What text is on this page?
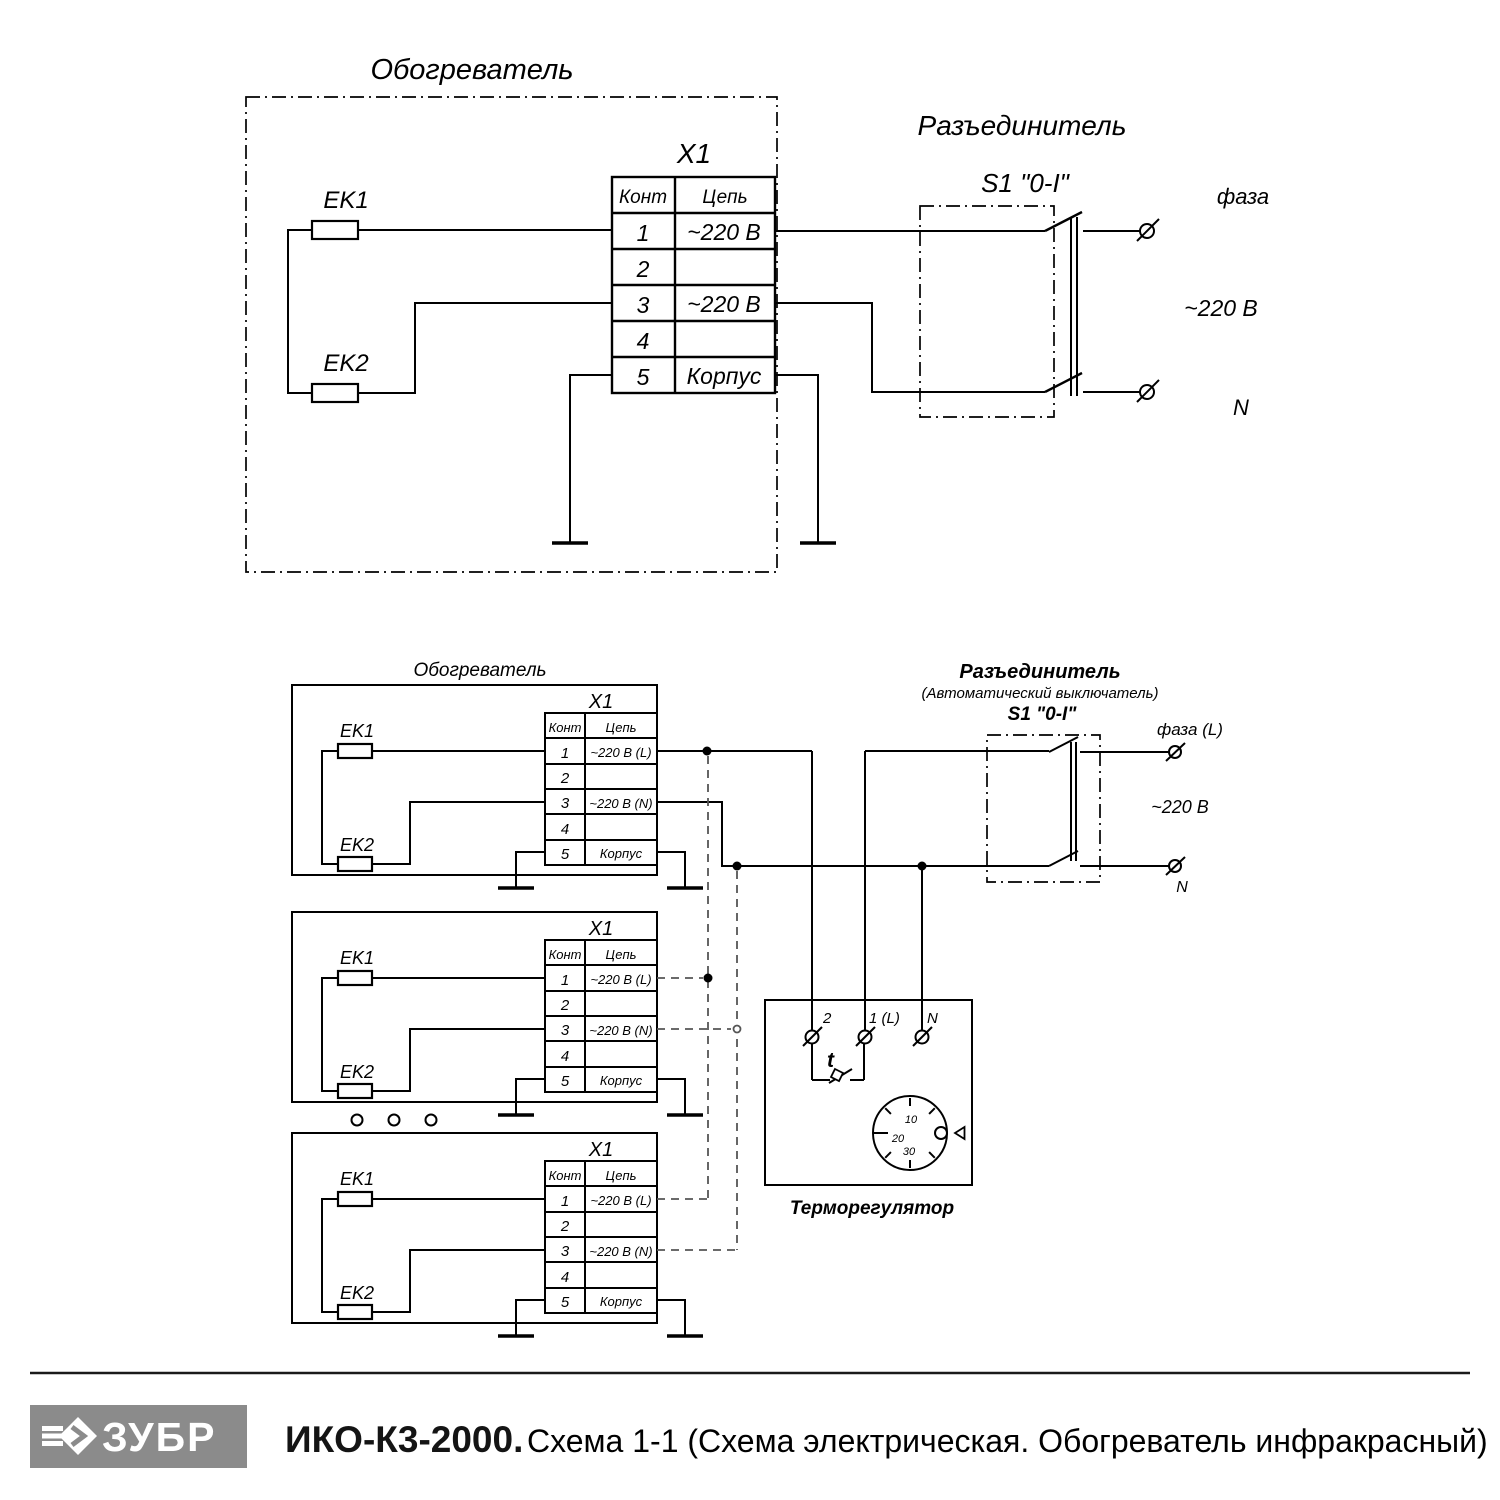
Обогреватель
X1
Конт Цепь
1
2
3
4
5
~220 В
~220 В
Корпус
EK1
EK2
Разъединитель
S1 "0-I"	фаза
~220 В
N
Обогреватель
X1
Конт Цепь
1
2
3
4
5
~220 В (L)
~220 В (N)
Корпус
EK1
EK2
X1
Конт Цепь
1
2
3
4
5
~220 В (L)
~220 В (N)
Корпус
EK1
EK2
X1
Конт Цепь
1
2
3
4
5
~220 В (L)
~220 В (N)
Корпус
EK1
EK2
Разъединитель
(Автоматический выключатель)
S1 "0-I"
фаза (L)
~220 В
N
2	1 (L) N
t
10
20
30
Терморегулятор
ЗУБР ИКО-К3-2000. Схема 1-1 (Схема электрическая. Обогреватель инфракрасный)
